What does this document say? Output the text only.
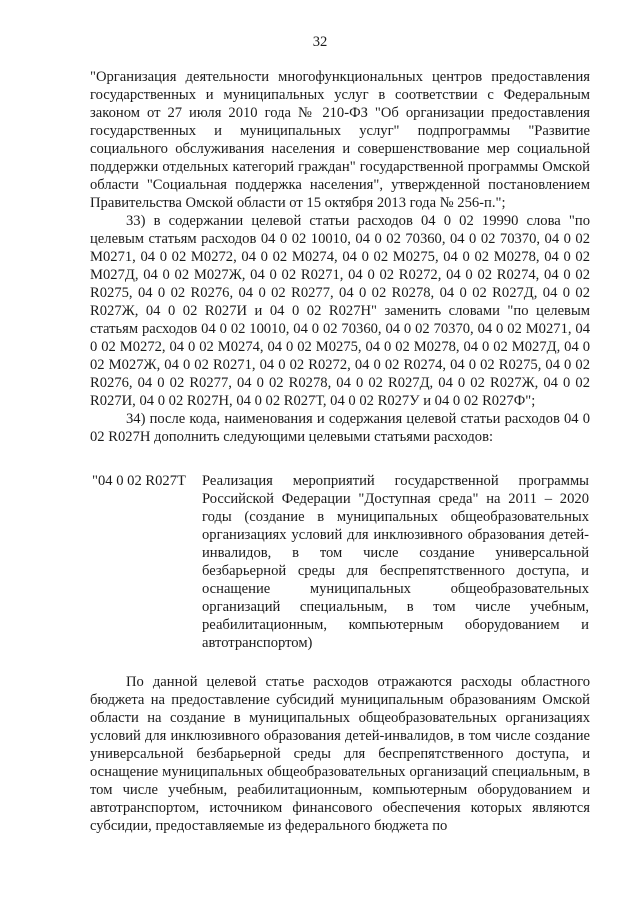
32

"Организация деятельности многофункциональных центров предоставления государственных и муниципальных услуг в соответствии с Федеральным законом от 27 июля 2010 года № 210-ФЗ "Об организации предоставления государственных и муниципальных услуг" подпрограммы "Развитие социального обслуживания населения и совершенствование мер социальной поддержки отдельных категорий граждан" государственной программы Омской области "Социальная поддержка населения", утвержденной постановлением Правительства Омской области от 15 октября 2013 года № 256-п.";

33) в содержании целевой статьи расходов 04 0 02 19990 слова "по целевым статьям расходов 04 0 02 10010, 04 0 02 70360, 04 0 02 70370, 04 0 02 M0271, 04 0 02 M0272, 04 0 02 M0274, 04 0 02 M0275, 04 0 02 M0278, 04 0 02 M027Д, 04 0 02 M027Ж, 04 0 02 R0271, 04 0 02 R0272, 04 0 02 R0274, 04 0 02 R0275, 04 0 02 R0276, 04 0 02 R0277, 04 0 02 R0278, 04 0 02 R027Д, 04 0 02 R027Ж, 04 0 02 R027И и 04 0 02 R027Н" заменить словами "по целевым статьям расходов 04 0 02 10010, 04 0 02 70360, 04 0 02 70370, 04 0 02 M0271, 04 0 02 M0272, 04 0 02 M0274, 04 0 02 M0275, 04 0 02 M0278, 04 0 02 M027Д, 04 0 02 M027Ж, 04 0 02 R0271, 04 0 02 R0272, 04 0 02 R0274, 04 0 02 R0275, 04 0 02 R0276, 04 0 02 R0277, 04 0 02 R0278, 04 0 02 R027Д, 04 0 02 R027Ж, 04 0 02 R027И, 04 0 02 R027Н, 04 0 02 R027Т, 04 0 02 R027У и 04 0 02 R027Ф";

34) после кода, наименования и содержания целевой статьи расходов 04 0 02 R027Н дополнить следующими целевыми статьями расходов:

"04 0 02 R027Т	Реализация мероприятий государственной программы Российской Федерации "Доступная среда" на 2011 – 2020 годы (создание в муниципальных общеобразовательных организациях условий для инклюзивного образования детей-инвалидов, в том числе создание универсальной безбарьерной среды для беспрепятственного доступа, и оснащение муниципальных общеобразовательных организаций специальным, в том числе учебным, реабилитационным, компьютерным оборудованием и автотранспортом)

По данной целевой статье расходов отражаются расходы областного бюджета на предоставление субсидий муниципальным образованиям Омской области на создание в муниципальных общеобразовательных организациях условий для инклюзивного образования детей-инвалидов, в том числе создание универсальной безбарьерной среды для беспрепятственного доступа, и оснащение муниципальных общеобразовательных организаций специальным, в том числе учебным, реабилитационным, компьютерным оборудованием и автотранспортом, источником финансового обеспечения которых являются субсидии, предоставляемые из федерального бюджета по
